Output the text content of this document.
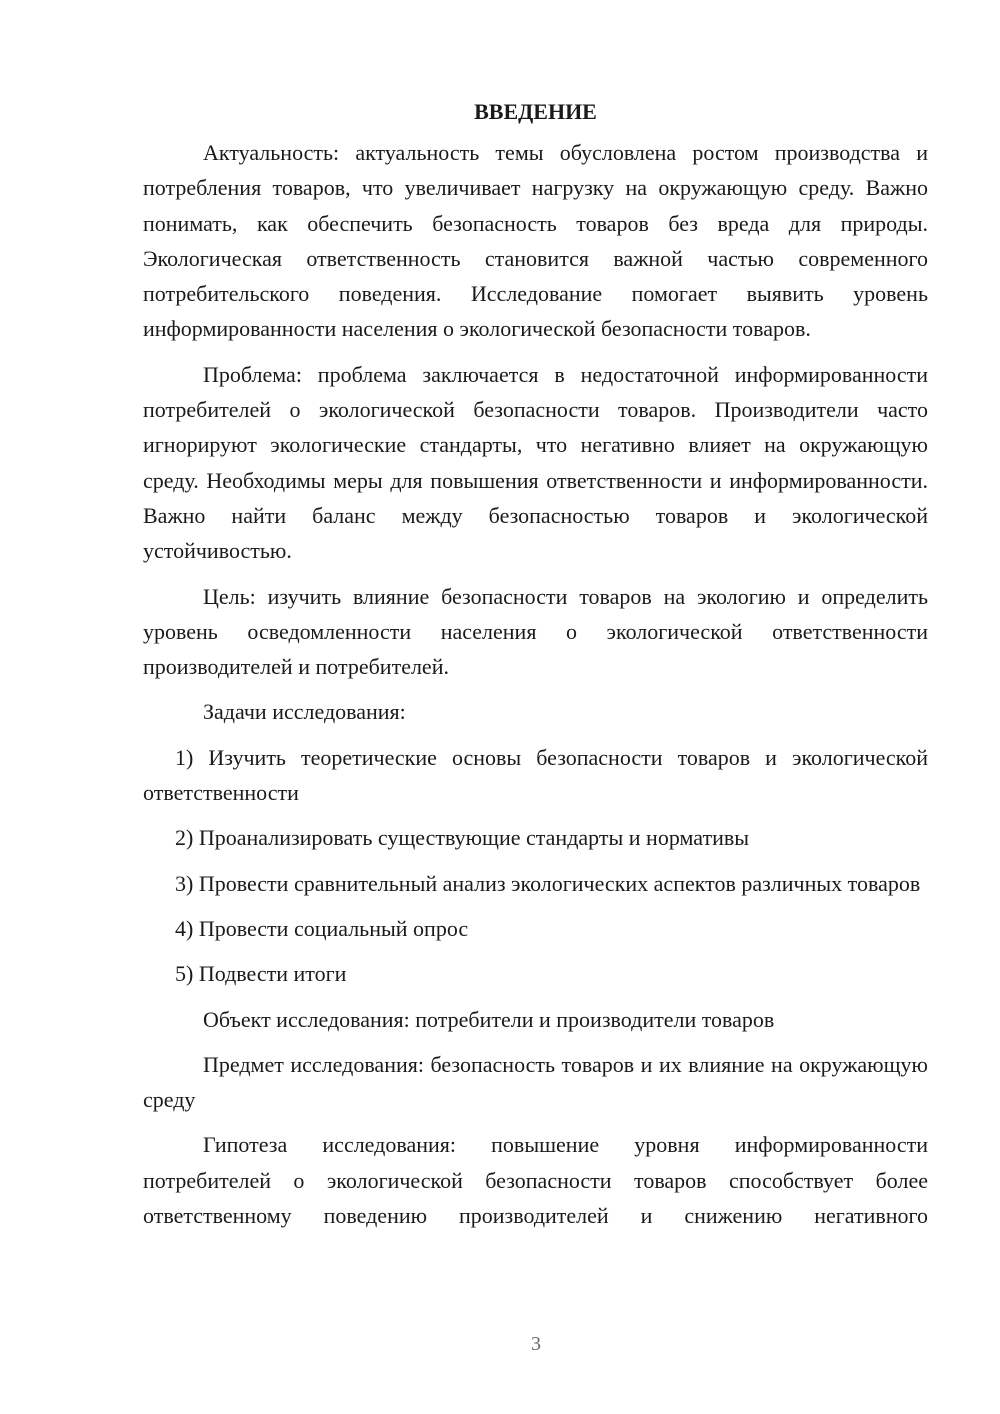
ВВЕДЕНИЕ

Актуальность: актуальность темы обусловлена ростом производства и потребления товаров, что увеличивает нагрузку на окружающую среду. Важно понимать, как обеспечить безопасность товаров без вреда для природы. Экологическая ответственность становится важной частью современного потребительского поведения. Исследование помогает выявить уровень информированности населения о экологической безопасности товаров.

Проблема: проблема заключается в недостаточной информированности потребителей о экологической безопасности товаров. Производители часто игнорируют экологические стандарты, что негативно влияет на окружающую среду. Необходимы меры для повышения ответственности и информированности. Важно найти баланс между безопасностью товаров и экологической устойчивостью.

Цель: изучить влияние безопасности товаров на экологию и определить уровень осведомленности населения о экологической ответственности производителей и потребителей.

Задачи исследования:

1) Изучить теоретические основы безопасности товаров и экологической ответственности

2) Проанализировать существующие стандарты и нормативы

3) Провести сравнительный анализ экологических аспектов различных товаров

4) Провести социальный опрос

5) Подвести итоги

Объект исследования: потребители и производители товаров

Предмет исследования: безопасность товаров и их влияние на окружающую среду

Гипотеза исследования: повышение уровня информированности потребителей о экологической безопасности товаров способствует более ответственному поведению производителей и снижению негативного

3
